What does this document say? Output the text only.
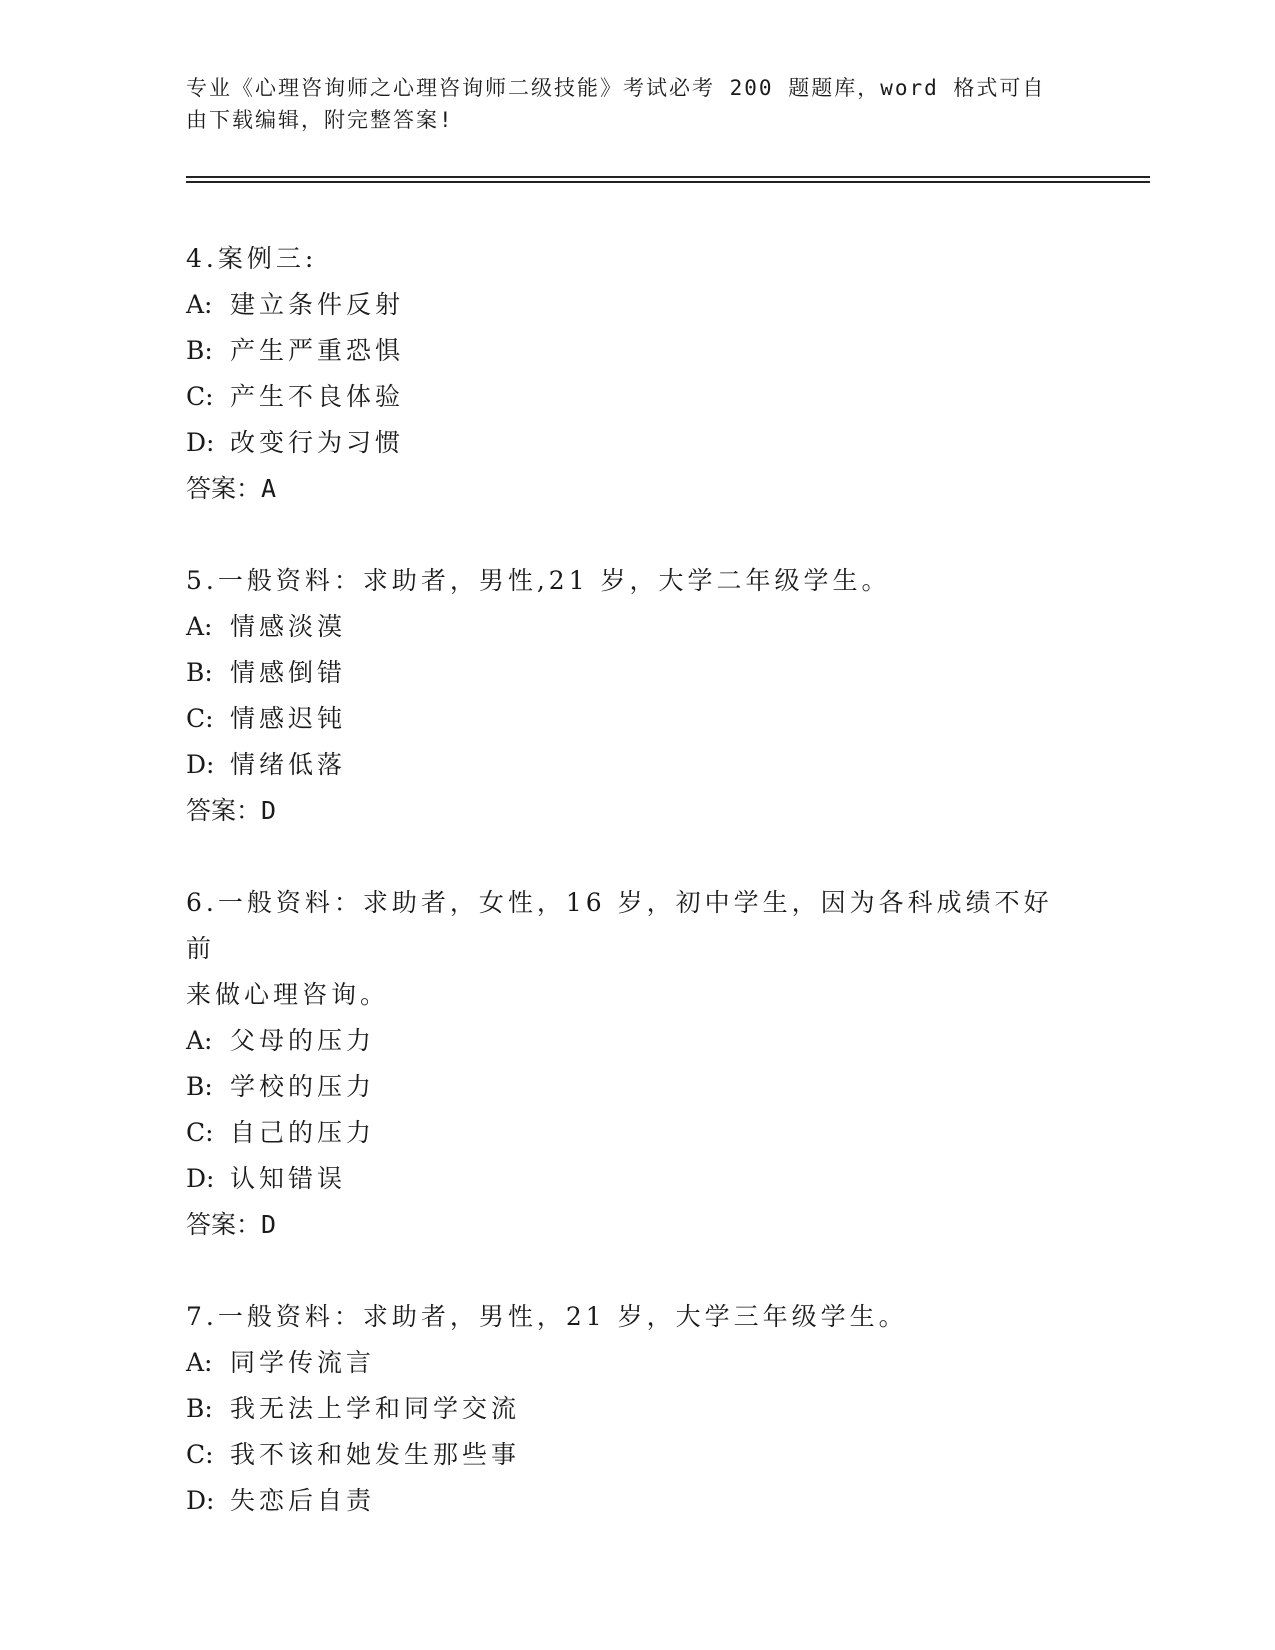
专业《心理咨询师之心理咨询师二级技能》考试必考 200 题题库，word 格式可自
由下载编辑，附完整答案!

4.案例三:

A: 建立条件反射

B: 产生严重恐惧

C: 产生不良体验

D: 改变行为习惯

答案：A

5.一般资料：求助者，男性,21 岁，大学二年级学生。

A: 情感淡漠

B: 情感倒错

C: 情感迟钝

D: 情绪低落

答案：D

6.一般资料：求助者，女性，16 岁，初中学生，因为各科成绩不好前

来做心理咨询。

A: 父母的压力

B: 学校的压力

C: 自己的压力

D: 认知错误

答案：D

7.一般资料：求助者，男性，21 岁，大学三年级学生。

A: 同学传流言

B: 我无法上学和同学交流

C: 我不该和她发生那些事

D: 失恋后自责
